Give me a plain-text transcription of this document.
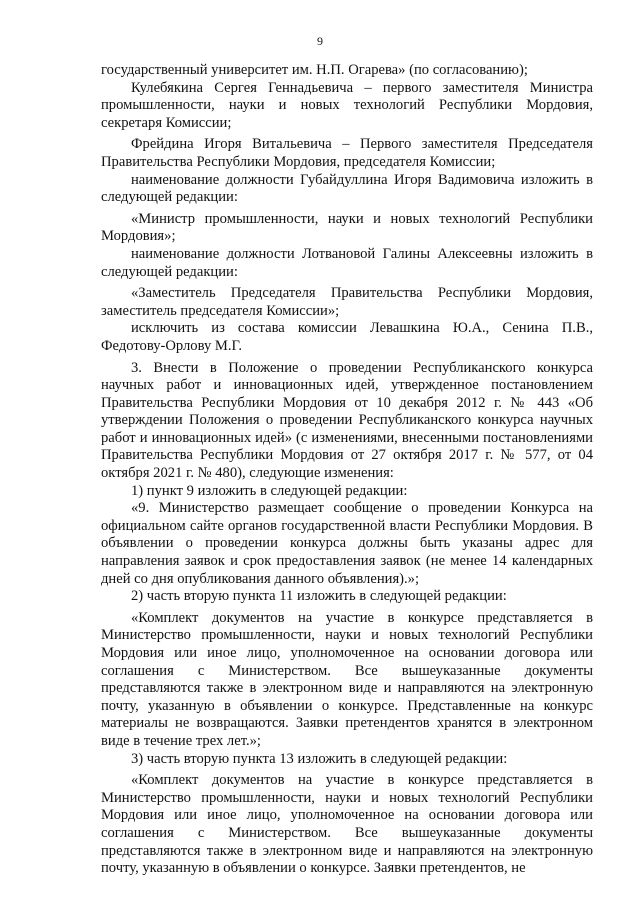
9

государственный университет им. Н.П. Огарева» (по согласованию);

Кулебякина Сергея Геннадьевича – первого заместителя Министра промышленности, науки и новых технологий Республики Мордовия, секретаря Комиссии;

Фрейдина Игоря Витальевича – Первого заместителя Председателя Правительства Республики Мордовия, председателя Комиссии;

наименование должности Губайдуллина Игоря Вадимовича изложить в следующей редакции:

«Министр промышленности, науки и новых технологий Республики Мордовия»;

наименование должности Лотвановой Галины Алексеевны изложить в следующей редакции:

«Заместитель Председателя Правительства Республики Мордовия, заместитель председателя Комиссии»;

исключить из состава комиссии Левашкина Ю.А., Сенина П.В., Федотову-Орлову М.Г.

3. Внести в Положение о проведении Республиканского конкурса научных работ и инновационных идей, утвержденное постановлением Правительства Республики Мордовия от 10 декабря 2012 г. № 443 «Об утверждении Положения о проведении Республиканского конкурса научных работ и инновационных идей» (с изменениями, внесенными постановлениями Правительства Республики Мордовия от 27 октября 2017 г. № 577, от 04 октября 2021 г. № 480), следующие изменения:

1) пункт 9 изложить в следующей редакции:

«9. Министерство размещает сообщение о проведении Конкурса на официальном сайте органов государственной власти Республики Мордовия. В объявлении о проведении конкурса должны быть указаны адрес для направления заявок и срок предоставления заявок (не менее 14 календарных дней со дня опубликования данного объявления).»;

2) часть вторую пункта 11 изложить в следующей редакции:

«Комплект документов на участие в конкурсе представляется в Министерство промышленности, науки и новых технологий Республики Мордовия или иное лицо, уполномоченное на основании договора или соглашения с Министерством. Все вышеуказанные документы представляются также в электронном виде и направляются на электронную почту, указанную в объявлении о конкурсе. Представленные на конкурс материалы не возвращаются. Заявки претендентов хранятся в электронном виде в течение трех лет.»;

3) часть вторую пункта 13 изложить в следующей редакции:

«Комплект документов на участие в конкурсе представляется в Министерство промышленности, науки и новых технологий Республики Мордовия или иное лицо, уполномоченное на основании договора или соглашения с Министерством. Все вышеуказанные документы представляются также в электронном виде и направляются на электронную почту, указанную в объявлении о конкурсе. Заявки претендентов, не
